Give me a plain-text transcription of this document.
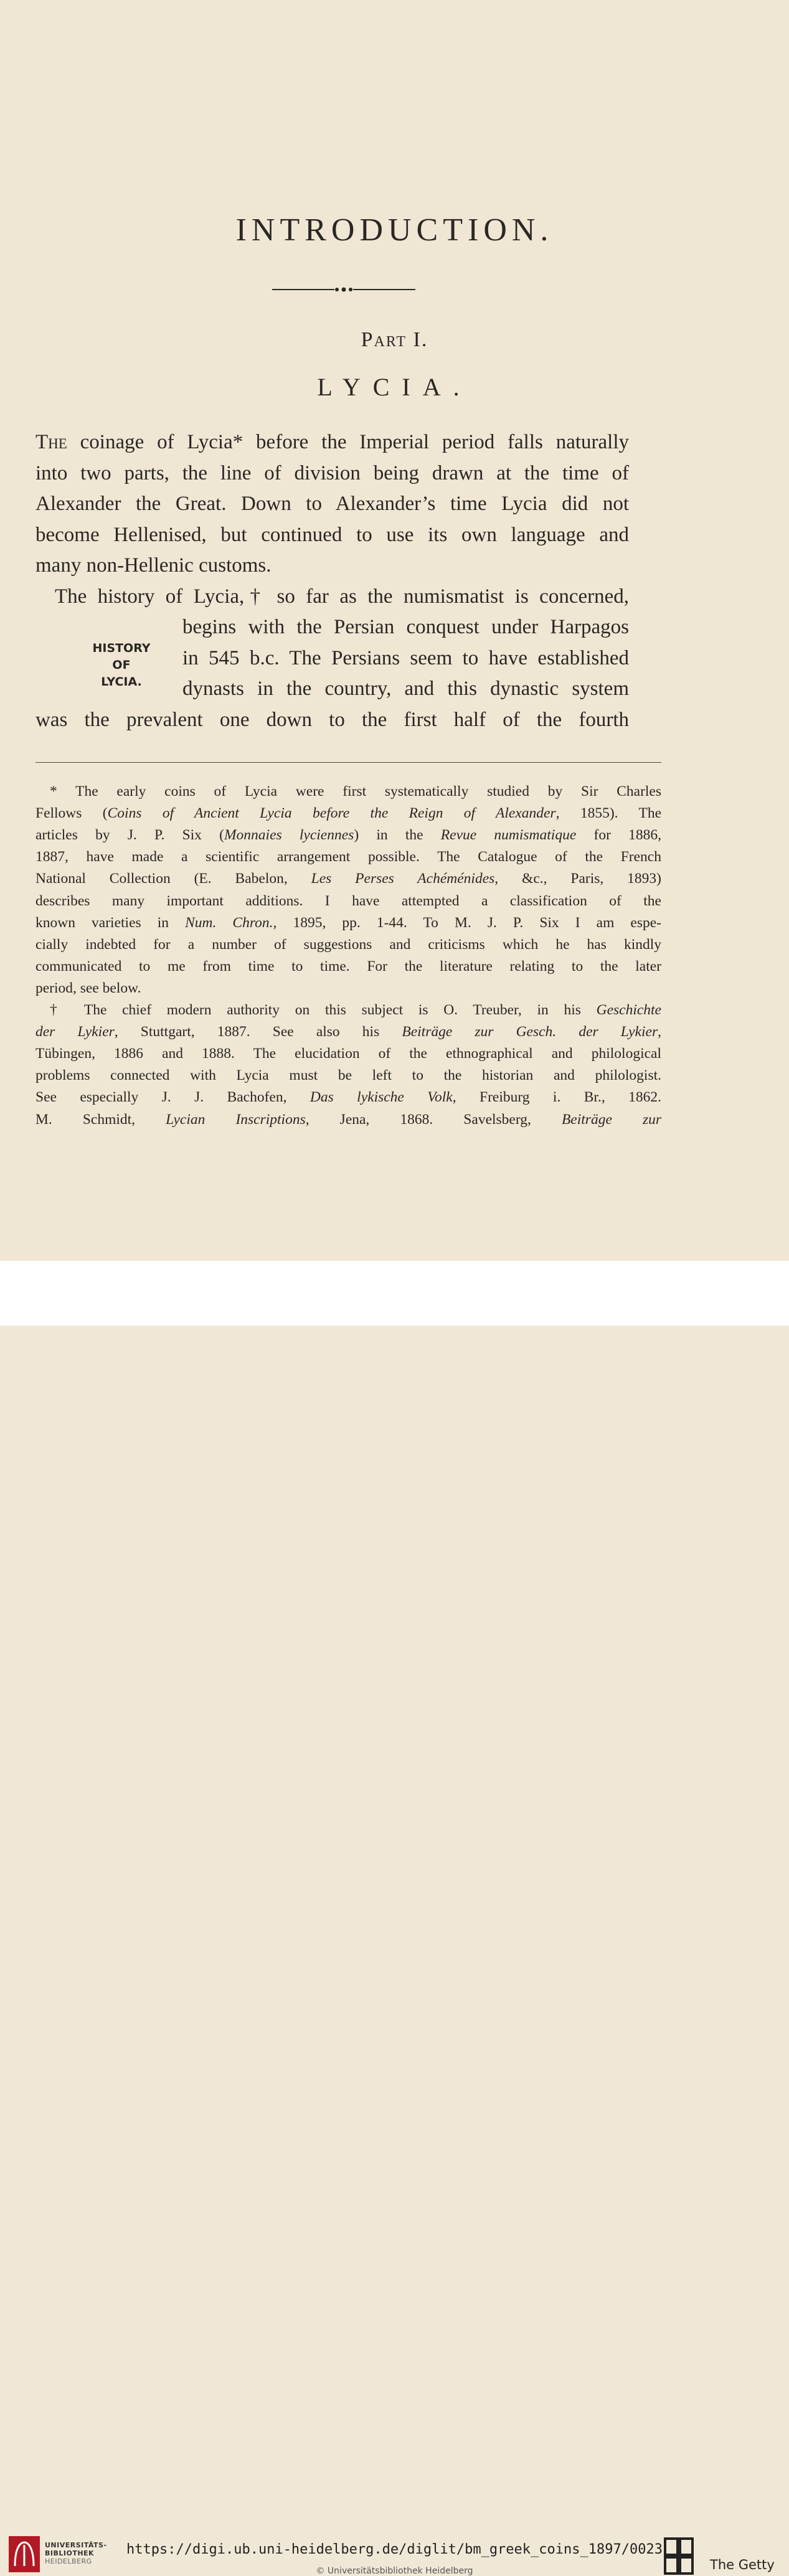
INTRODUCTION.
Part I.
LYCIA.
The coinage of Lycia* before the Imperial period falls naturally
into two parts, the line of division being drawn at the time of
Alexander the Great. Down to Alexander’s time Lycia did not
become Hellenised, but continued to use its own language and
many non-Hellenic customs.
The history of Lycia,† so far as the numismatist is concerned,
begins with the Persian conquest under Harpagos
in 545 b.c. The Persians seem to have established
dynasts in the country, and this dynastic system
was the prevalent one down to the first half of the fourth
HISTORY
OF
LYCIA.
* The early coins of Lycia were first systematically studied by Sir Charles
Fellows (Coins of Ancient Lycia before the Reign of Alexander, 1855). The
articles by J. P. Six (Monnaies lyciennes) in the Revue numismatique for 1886,
1887, have made a scientific arrangement possible. The Catalogue of the French
National Collection (E. Babelon, Les Perses Achéménides, &c., Paris, 1893)
describes many important additions. I have attempted a classification of the
known varieties in Num. Chron., 1895, pp. 1-44. To M. J. P. Six I am espe-
cially indebted for a number of suggestions and criticisms which he has kindly
communicated to me from time to time. For the literature relating to the later
period, see below.
† The chief modern authority on this subject is O. Treuber, in his Geschichte
der Lykier, Stuttgart, 1887. See also his Beiträge zur Gesch. der Lykier,
Tübingen, 1886 and 1888. The elucidation of the ethnographical and philological
problems connected with Lycia must be left to the historian and philologist.
See especially J. J. Bachofen, Das lykische Volk, Freiburg i. Br., 1862.
M. Schmidt, Lycian Inscriptions, Jena, 1868. Savelsberg, Beiträge zur
UNIVERSITÄTS-
BIBLIOTHEK
HEIDELBERG
https://digi.ub.uni-heidelberg.de/diglit/bm_greek_coins_1897/0023
© Universitätsbibliothek Heidelberg	The Getty
